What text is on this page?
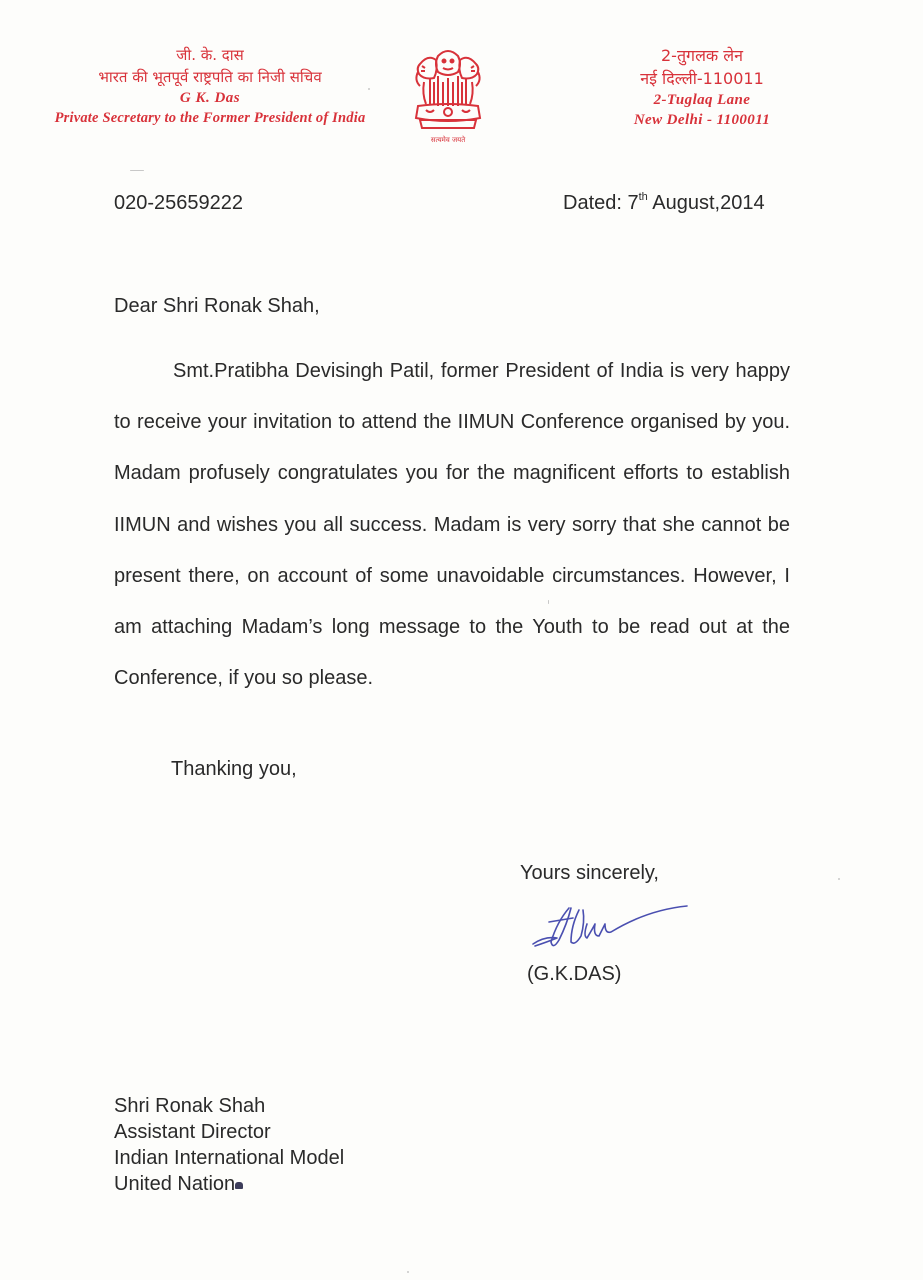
जी. के. दास
भारत की भूतपूर्व राष्ट्रपति का निजी सचिव
G K. Das
Private Secretary to the Former President of India
सत्यमेव जयते
2-तुगलक लेन
नई दिल्ली-110011
2-Tuglaq Lane
New Delhi - 1100011
020-25659222	Dated: 7th August,2014
Dear Shri Ronak Shah,
Smt.Pratibha Devisingh Patil, former President of India is very happy to receive your invitation to attend the IIMUN Conference organised by you. Madam profusely congratulates you for the magnificent efforts to establish IIMUN and wishes you all success. Madam is very sorry that she cannot be present there, on account of some unavoidable circumstances. However, I am attaching Madam’s long message to the Youth to be read out at the Conference, if you so please.
Thanking you,
Yours sincerely,
(G.K.DAS)
Shri Ronak Shah
Assistant Director
Indian International Model
United Nation
